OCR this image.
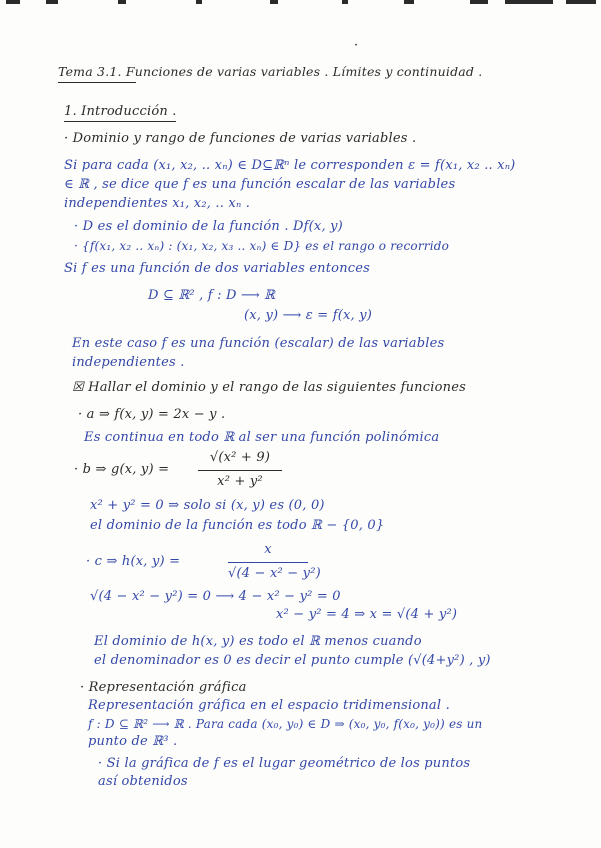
·
Tema 3.1. Funciones de varias variables . Límites y continuidad .
1. Introducción .
· Dominio y rango de funciones de varias variables .
Si para cada (x₁, x₂, .. xₙ) ∈ D⊆ℝⁿ le corresponden ε = f(x₁, x₂ .. xₙ)
∈ ℝ , se dice que f es una función escalar de las variables
independientes x₁, x₂, .. xₙ .
· D es el dominio de la función . Df(x, y)
· {f(x₁, x₂ .. xₙ) : (x₁, x₂, x₃ .. xₙ) ∈ D} es el rango o recorrido
Si f es una función de dos variables entonces
D ⊆ ℝ² , f : D ⟶ ℝ
(x, y) ⟶ ε = f(x, y)
En este caso f es una función (escalar) de las variables
independientes .
☒ Hallar el dominio y el rango de las siguientes funciones
· a ⇒ f(x, y) = 2x − y .
Es continua en todo ℝ al ser una función polinómica
· b ⇒ g(x, y) =
√(x² + 9)
x² + y²
x² + y² = 0 ⇒ solo si (x, y) es (0, 0)
el dominio de la función es todo ℝ − {0, 0}
· c ⇒ h(x, y) =
x
√(4 − x² − y²)
√(4 − x² − y²) = 0 ⟶ 4 − x² − y² = 0
x² − y² = 4 ⇒ x = √(4 + y²)
El dominio de h(x, y) es todo el ℝ menos cuando
el denominador es 0 es decir el punto cumple (√(4+y²) , y)
· Representación gráfica
Representación gráfica en el espacio tridimensional .
f : D ⊆ ℝ² ⟶ ℝ . Para cada (x₀, y₀) ∈ D ⇒ (x₀, y₀, f(x₀, y₀)) es un
punto de ℝ³ .
· Si la gráfica de f es el lugar geométrico de los puntos
así obtenidos
